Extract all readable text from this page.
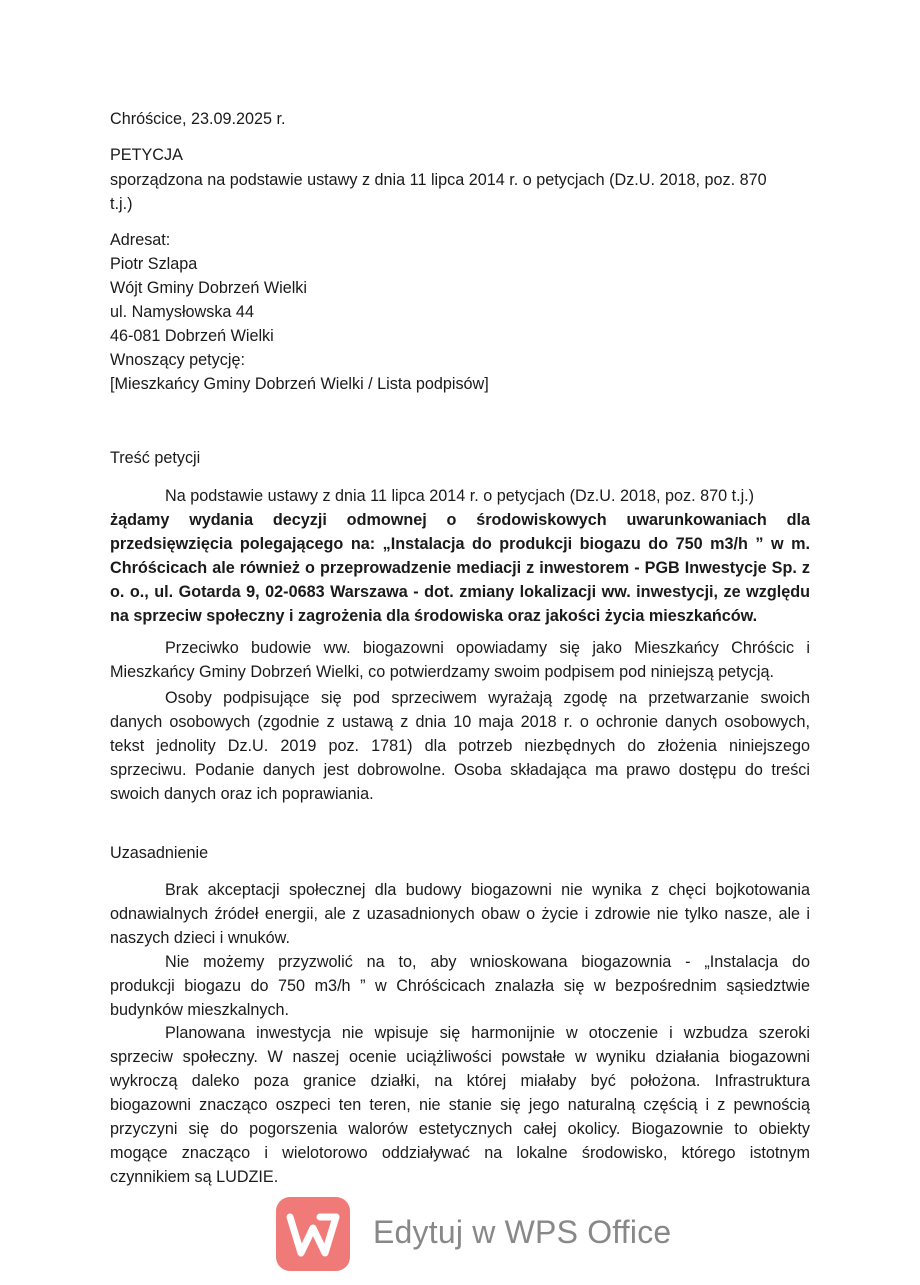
Chróścice, 23.09.2025 r.
PETYCJA
sporządzona na podstawie ustawy z dnia 11 lipca 2014 r. o petycjach (Dz.U. 2018, poz. 870
t.j.)
Adresat:
Piotr Szlapa
Wójt Gminy Dobrzeń Wielki
ul. Namysłowska 44
46-081 Dobrzeń Wielki
Wnoszący petycję:
[Mieszkańcy Gminy Dobrzeń Wielki / Lista podpisów]
Treść petycji
Na podstawie ustawy z dnia 11 lipca 2014 r. o petycjach (Dz.U. 2018, poz. 870 t.j.)
żądamy wydania decyzji odmownej o środowiskowych uwarunkowaniach dla
przedsięwzięcia polegającego na: „Instalacja do produkcji biogazu do 750 m3/h ” w m.
Chróścicach ale również o przeprowadzenie mediacji z inwestorem - PGB Inwestycje Sp. z
o. o., ul. Gotarda 9, 02-0683 Warszawa - dot. zmiany lokalizacji ww. inwestycji, ze względu
na sprzeciw społeczny i zagrożenia dla środowiska oraz jakości życia mieszkańców.
Przeciwko budowie ww. biogazowni opowiadamy się jako Mieszkańcy Chróścic i
Mieszkańcy Gminy Dobrzeń Wielki, co potwierdzamy swoim podpisem pod niniejszą petycją.
Osoby podpisujące się pod sprzeciwem wyrażają zgodę na przetwarzanie swoich
danych osobowych (zgodnie z ustawą z dnia 10 maja 2018 r. o ochronie danych osobowych,
tekst jednolity Dz.U. 2019 poz. 1781) dla potrzeb niezbędnych do złożenia niniejszego
sprzeciwu. Podanie danych jest dobrowolne. Osoba składająca ma prawo dostępu do treści
swoich danych oraz ich poprawiania.
Uzasadnienie
Brak akceptacji społecznej dla budowy biogazowni nie wynika z chęci bojkotowania
odnawialnych źródeł energii, ale z uzasadnionych obaw o życie i zdrowie nie tylko nasze, ale i
naszych dzieci i wnuków.
Nie możemy przyzwolić na to, aby wnioskowana biogazownia - „Instalacja do
produkcji biogazu do 750 m3/h ” w Chróścicach znalazła się w bezpośrednim sąsiedztwie
budynków mieszkalnych.
Planowana inwestycja nie wpisuje się harmonijnie w otoczenie i wzbudza szeroki
sprzeciw społeczny. W naszej ocenie uciążliwości powstałe w wyniku działania biogazowni
wykroczą daleko poza granice działki, na której miałaby być położona. Infrastruktura
biogazowni znacząco oszpeci ten teren, nie stanie się jego naturalną częścią i z pewnością
przyczyni się do pogorszenia walorów estetycznych całej okolicy. Biogazownie to obiekty
mogące znacząco i wielotorowo oddziaływać na lokalne środowisko, którego istotnym
czynnikiem są LUDZIE.
Edytuj w WPS Office
